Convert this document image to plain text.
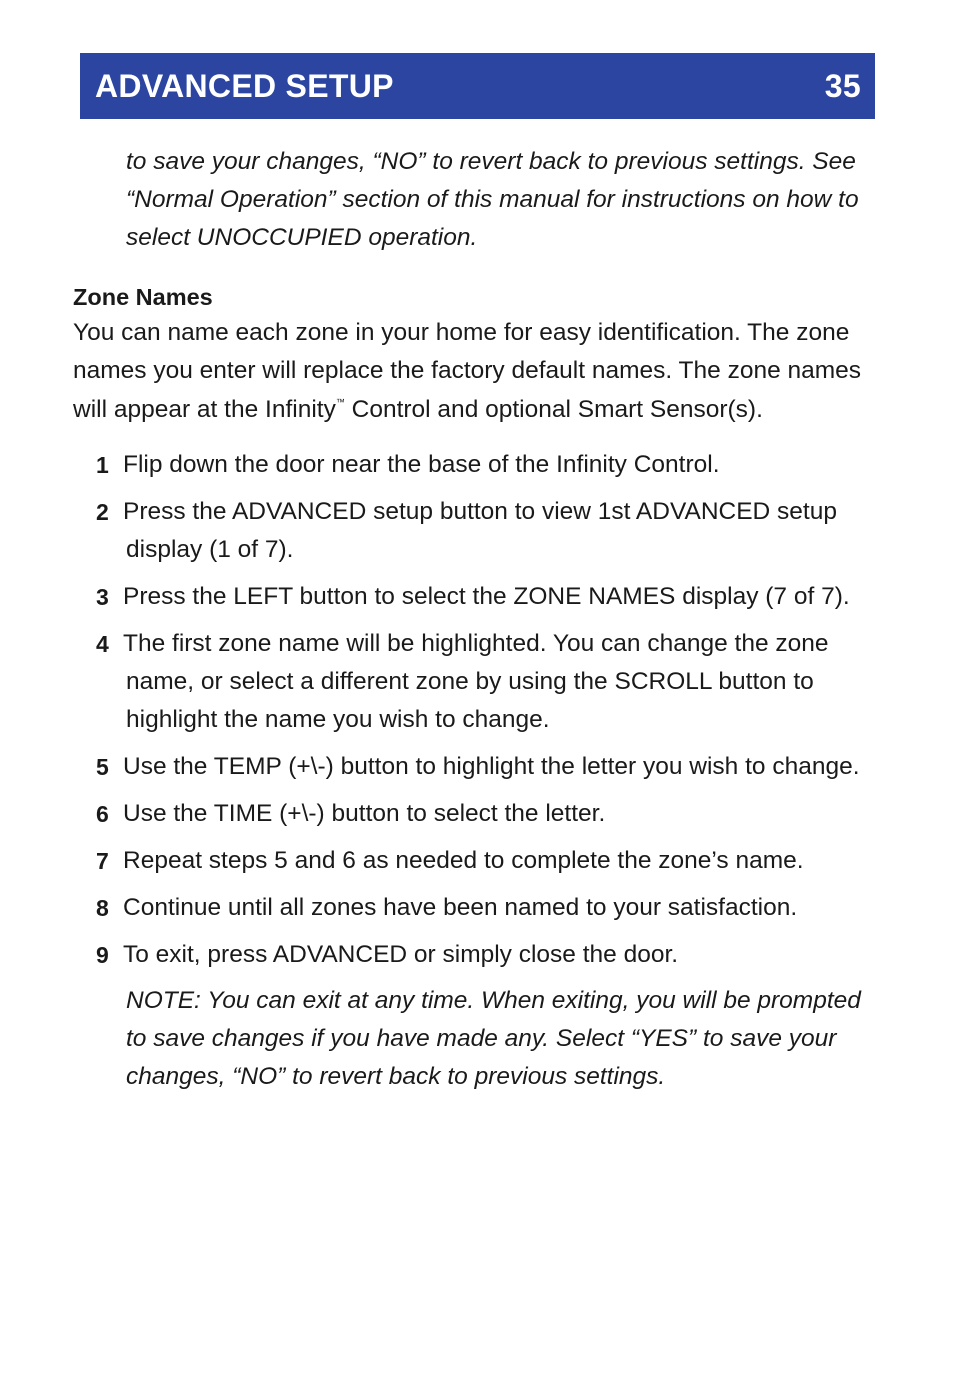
ADVANCED SETUP	35

to save your changes, “NO” to revert back to previous settings. See “Normal Operation” section of this manual for instructions on how to select UNOCCUPIED operation.

Zone Names

You can name each zone in your home for easy identification. The zone names you enter will replace the factory default names. The zone names will appear at the Infinity™ Control and optional Smart Sensor(s).

1 Flip down the door near the base of the Infinity Control.
2 Press the ADVANCED setup button to view 1st ADVANCED setup display (1 of 7).
3 Press the LEFT button to select the ZONE NAMES display (7 of 7).
4 The first zone name will be highlighted. You can change the zone name, or select a different zone by using the SCROLL button to highlight the name you wish to change.
5 Use the TEMP (+\-) button to highlight the letter you wish to change.
6 Use the TIME (+\-) button to select the letter.
7 Repeat steps 5 and 6 as needed to complete the zone’s name.
8 Continue until all zones have been named to your satisfaction.
9 To exit, press ADVANCED or simply close the door.

NOTE: You can exit at any time. When exiting, you will be prompted to save changes if you have made any. Select “YES” to save your changes, “NO” to revert back to previous settings.
